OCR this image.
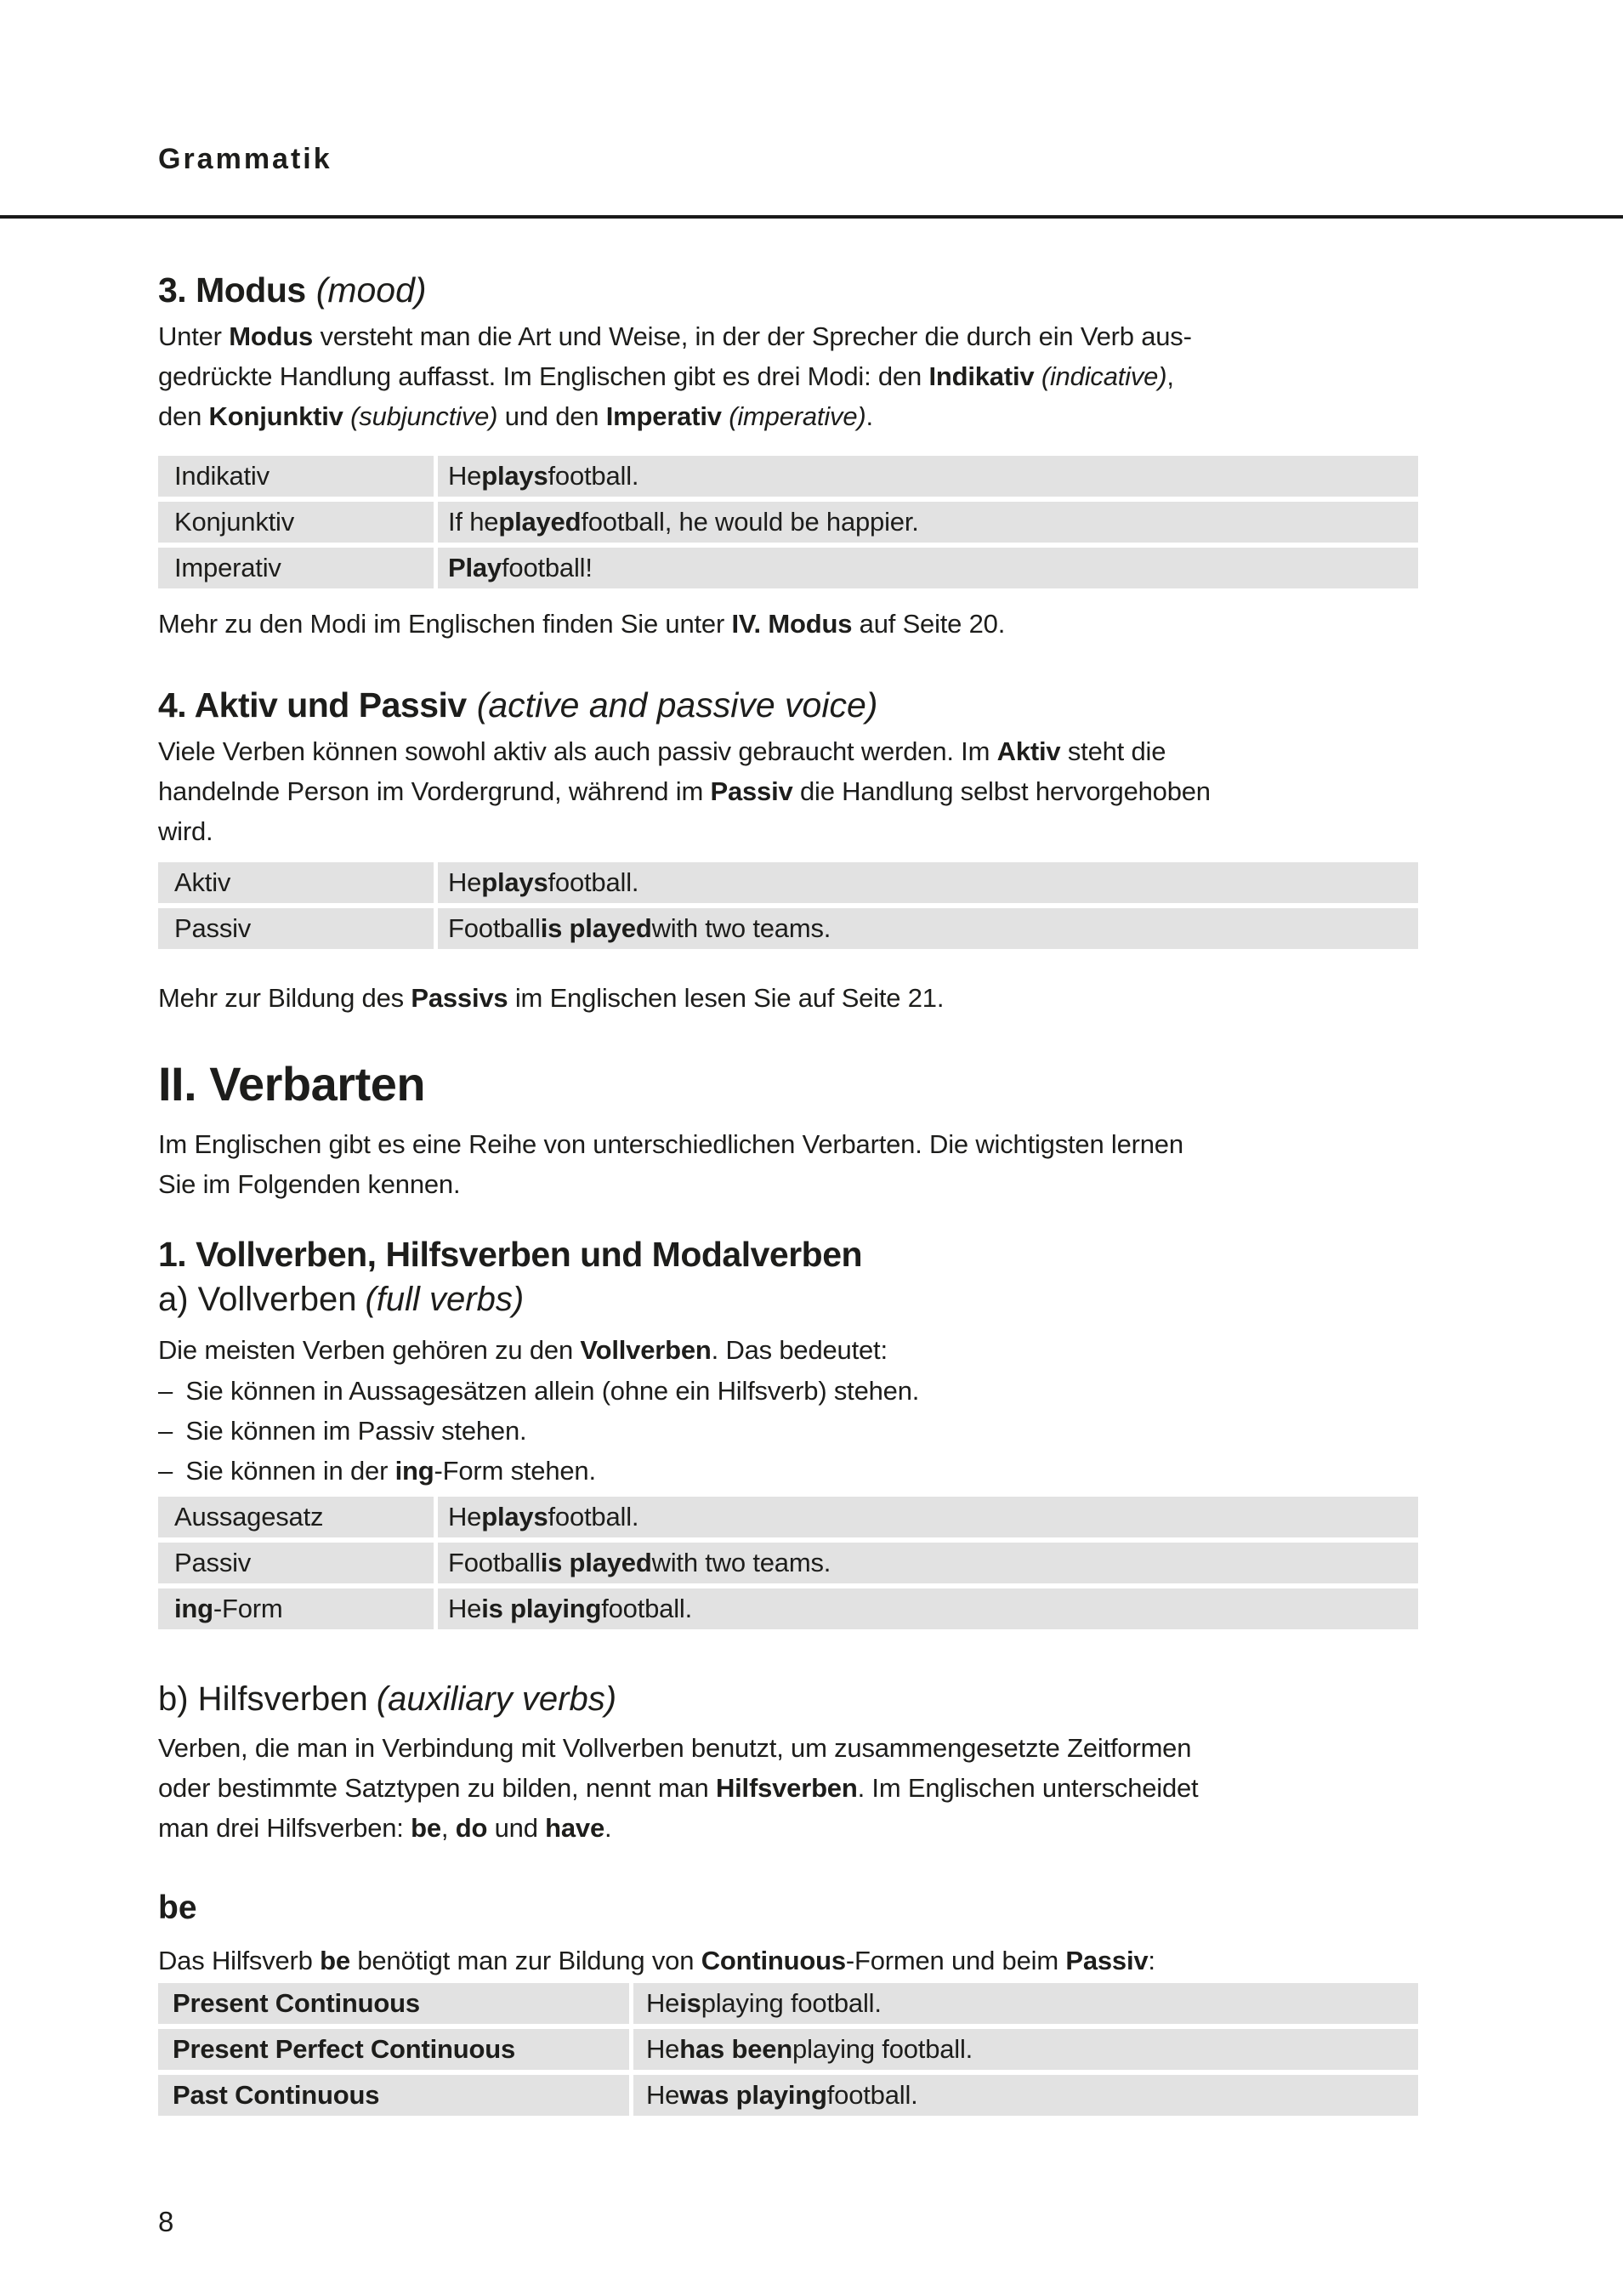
Grammatik
3. Modus (mood)
Unter Modus versteht man die Art und Weise, in der der Sprecher die durch ein Verb aus-
gedrückte Handlung auffasst. Im Englischen gibt es drei Modi: den Indikativ (indicative),
den Konjunktiv (subjunctive) und den Imperativ (imperative).
Indikativ	He plays football.
Konjunktiv	If he played football, he would be happier.
Imperativ	Play football!
Mehr zu den Modi im Englischen finden Sie unter IV. Modus auf Seite 20.
4. Aktiv und Passiv (active and passive voice)
Viele Verben können sowohl aktiv als auch passiv gebraucht werden. Im Aktiv steht die
handelnde Person im Vordergrund, während im Passiv die Handlung selbst hervorgehoben
wird.
Aktiv	He plays football.
Passiv	Football is played with two teams.
Mehr zur Bildung des Passivs im Englischen lesen Sie auf Seite 21.
II. Verbarten
Im Englischen gibt es eine Reihe von unterschiedlichen Verbarten. Die wichtigsten lernen
Sie im Folgenden kennen.
1. Vollverben, Hilfsverben und Modalverben
a) Vollverben (full verbs)
Die meisten Verben gehören zu den Vollverben. Das bedeutet:
– Sie können in Aussagesätzen allein (ohne ein Hilfsverb) stehen.
– Sie können im Passiv stehen.
– Sie können in der ing-Form stehen.
Aussagesatz	He plays football.
Passiv	Football is played with two teams.
ing -Form	He is playing football.
b) Hilfsverben (auxiliary verbs)
Verben, die man in Verbindung mit Vollverben benutzt, um zusammengesetzte Zeitformen
oder bestimmte Satztypen zu bilden, nennt man Hilfsverben. Im Englischen unterscheidet
man drei Hilfsverben: be, do und have.
be
Das Hilfsverb be benötigt man zur Bildung von Continuous-Formen und beim Passiv:
Present Continuous	He is playing football.
Present Perfect Continuous	He has been playing football.
Past Continuous	He was playing football.
8
